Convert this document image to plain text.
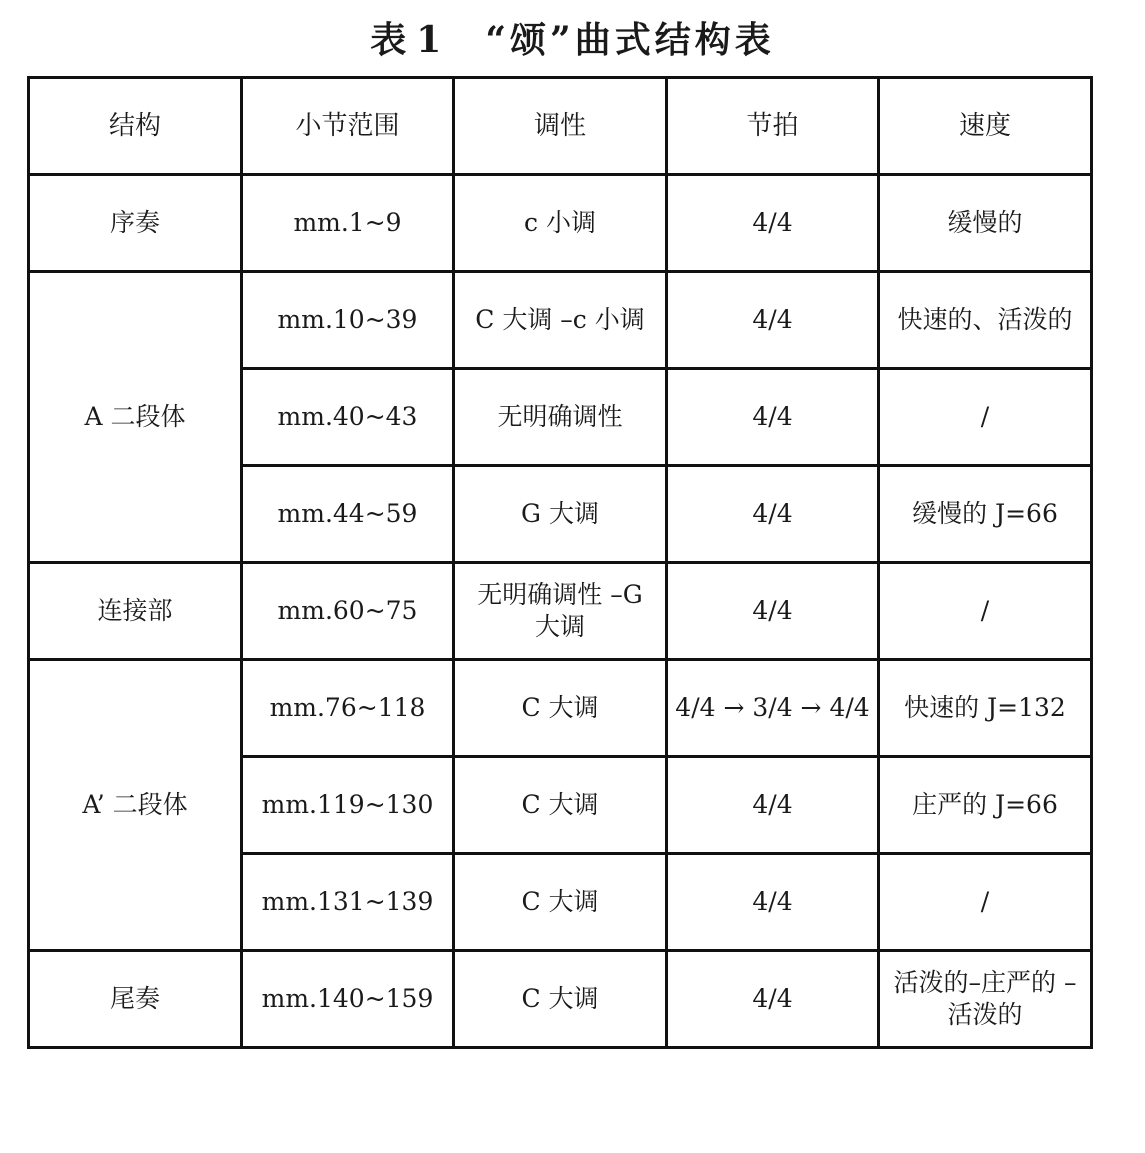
表 1 “颂”曲式结构表
结构	小节范围	调性	节拍	速度
序奏	mm.1~9	c 小调	4/4	缓慢的
A 二段体	mm.10~39	C 大调 –c 小调	4/4	快速的、活泼的
	mm.40~43	无明确调性	4/4	/
	mm.44~59	G 大调	4/4	缓慢的 J=66
连接部	mm.60~75	无明确调性 –G 大调	4/4	/
A’ 二段体	mm.76~118	C 大调	4/4 → 3/4 → 4/4	快速的 J=132
	mm.119~130	C 大调	4/4	庄严的 J=66
	mm.131~139	C 大调	4/4	/
尾奏	mm.140~159	C 大调	4/4	活泼的–庄严的 –活泼的
